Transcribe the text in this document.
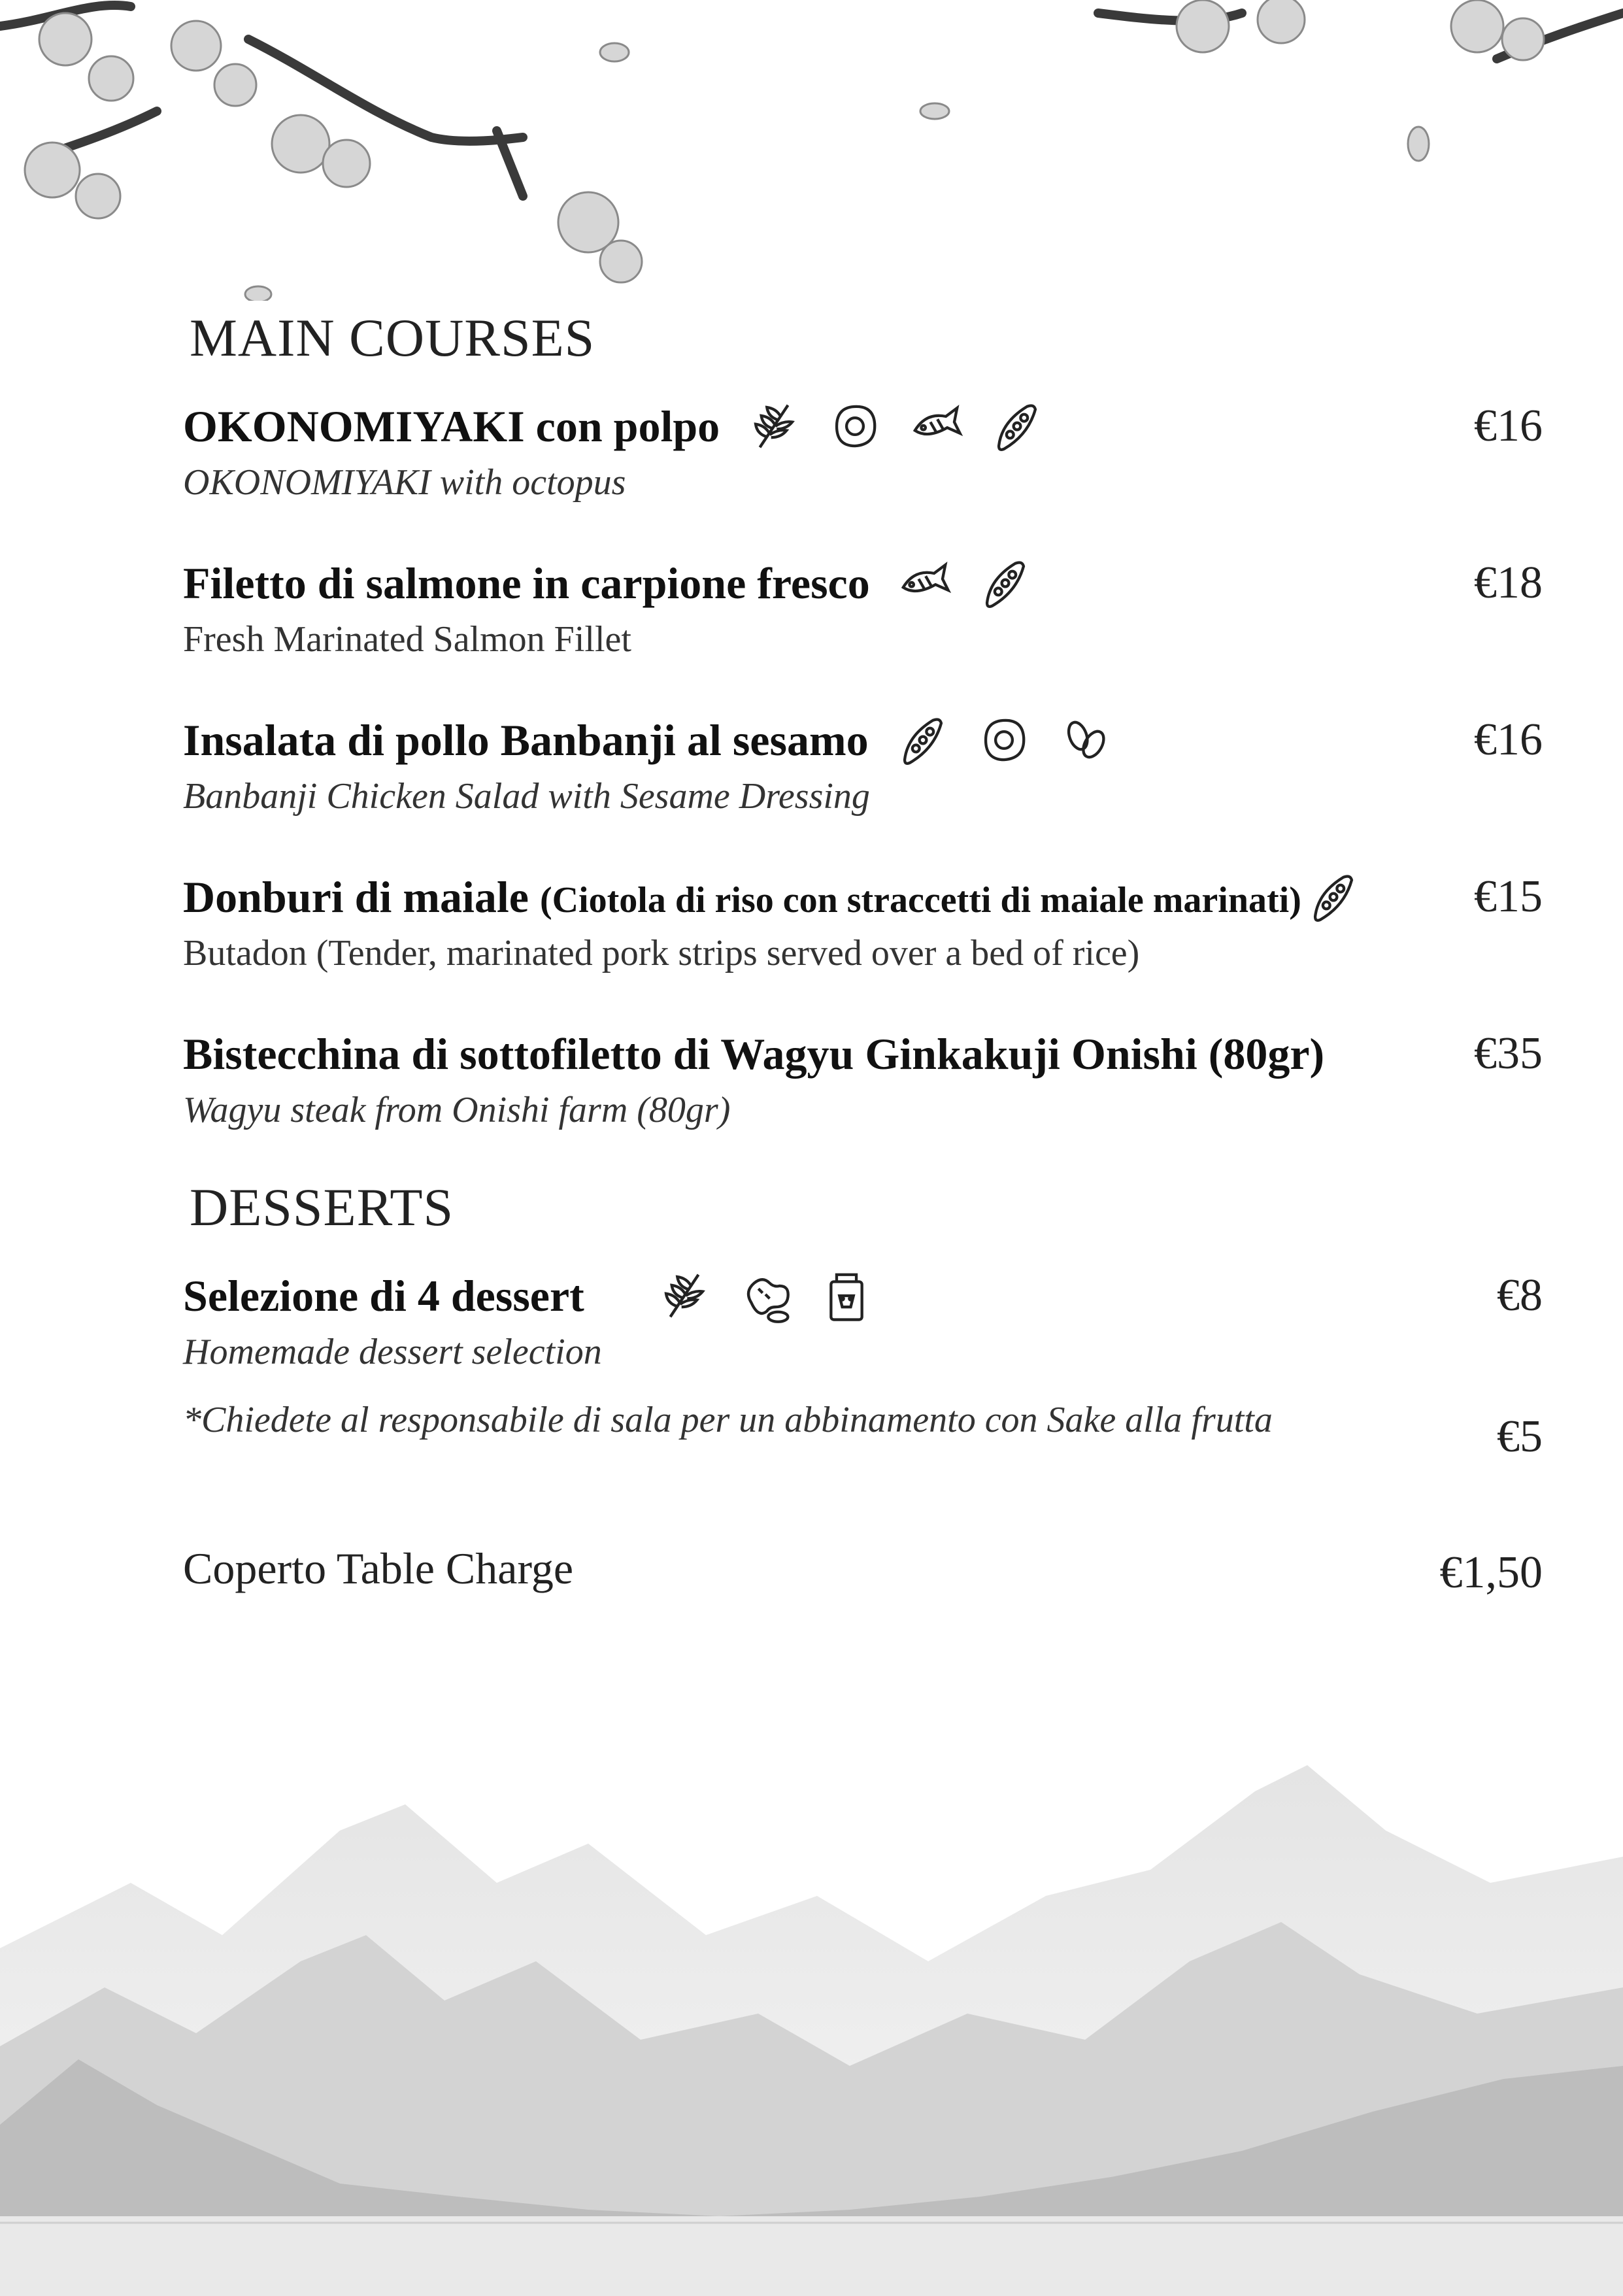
MAIN COURSES
OKONOMIYAKI con polpo	€16
OKONOMIYAKI with octopus
Filetto di salmone in carpione fresco	€18
Fresh Marinated Salmon Fillet
Insalata di pollo Banbanji al sesamo	€16
Banbanji Chicken Salad with Sesame Dressing
Donburi di maiale (Ciotola di riso con straccetti di maiale marinati)	€15
Butadon (Tender, marinated pork strips served over a bed of rice)
Bistecchina di sottofiletto di Wagyu Ginkakuji Onishi (80gr)	€35
Wagyu steak from Onishi farm (80gr)
DESSERTS
Selezione di 4 dessert	€8
Homemade dessert selection
*Chiedete al responsabile di sala per un abbinamento con Sake alla frutta	€5
Coperto Table Charge	€1,50
